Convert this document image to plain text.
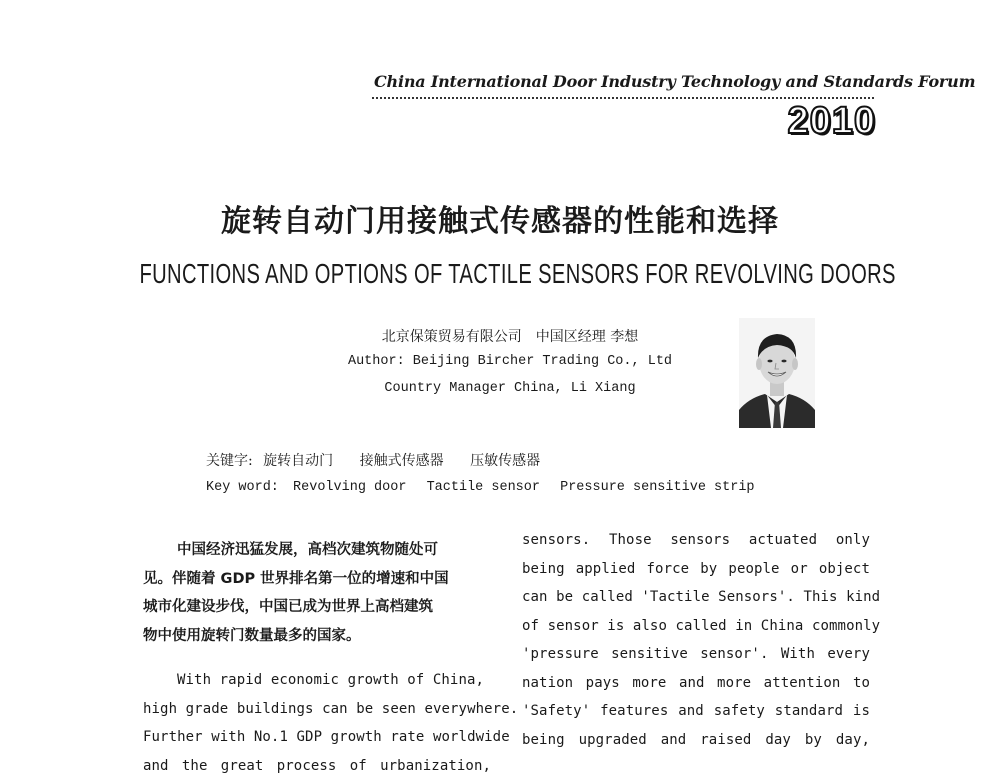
China International Door Industry Technology and Standards Forum
2010
旋转自动门用接触式传感器的性能和选择
FUNCTIONS AND OPTIONS OF TACTILE SENSORS FOR REVOLVING DOORS
北京保策贸易有限公司　中国区经理 李想
Author: Beijing Bircher Trading Co., Ltd
Country Manager China, Li Xiang
关键字: 旋转自动门 接触式传感器 压敏传感器
Key word: Revolving door Tactile sensor Pressure sensitive strip
中国经济迅猛发展，高档次建筑物随处可
见。伴随着 GDP 世界排名第一位的增速和中国
城市化建设步伐，中国已成为世界上高档建筑
物中使用旋转门数量最多的国家。
With rapid economic growth of China,
high grade buildings can be seen everywhere.
Further with No.1 GDP growth rate worldwide
and the great process of urbanization,
sensors. Those sensors actuated only
being applied force by people or object
can be called 'Tactile Sensors'. This kind
of sensor is also called in China commonly
'pressure sensitive sensor'. With every
nation pays more and more attention to
'Safety' features and safety standard is
being upgraded and raised day by day,
